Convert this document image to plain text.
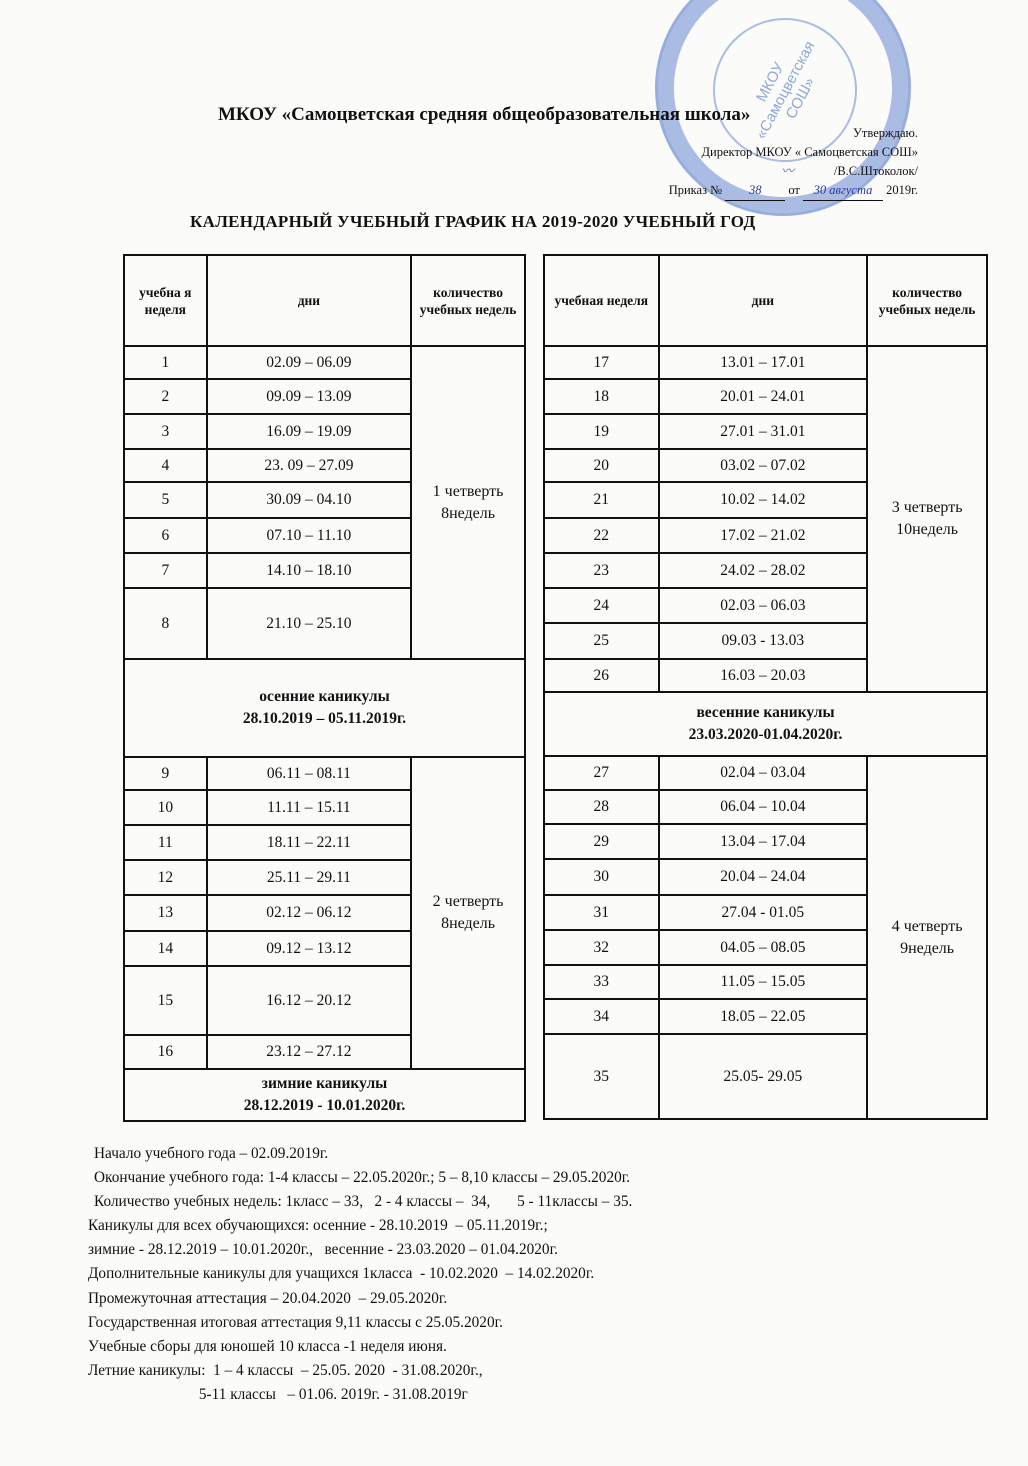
МКОУ «Самоцветская СОШ»
МКОУ «Самоцветская средняя общеобразовательная школа»
Утверждаю.
Директор МКОУ « Самоцветская СОШ»
〰	/В.С.Штоколок/
Приказ № 38 от 30 августа 2019г.
КАЛЕНДАРНЫЙ УЧЕБНЫЙ ГРАФИК НА 2019-2020 УЧЕБНЫЙ ГОД
учебна я неделя	дни	количество учебных недель
1	02.09 – 06.09	1 четверть 8недель
2	09.09 – 13.09	
3	16.09 – 19.09	
4	23. 09 – 27.09	
5	30.09 – 04.10	
6	07.10 – 11.10	
7	14.10 – 18.10	
8	21.10 – 25.10	

осенние каникулы
28.10.2019 – 05.11.2019г.		

9	06.11 – 08.11	2 четверть 8недель
10	11.11 – 15.11	
11	18.11 – 22.11	
12	25.11 – 29.11	
13	02.12 – 06.12	
14	09.12 – 13.12	
15	16.12 – 20.12	
16	23.12 – 27.12	

зимние каникулы
28.12.2019 - 10.01.2020г.		
учебная неделя	дни	количество учебных недель
17	13.01 – 17.01	3 четверть 10недель
18	20.01 – 24.01	
19	27.01 – 31.01	
20	03.02 – 07.02	
21	10.02 – 14.02	
22	17.02 – 21.02	
23	24.02 – 28.02	
24	02.03 – 06.03	
25	09.03 - 13.03	
26	16.03 – 20.03	

весенние каникулы
23.03.2020-01.04.2020г.		

27	02.04 – 03.04	4 четверть 9недель
28	06.04 – 10.04	
29	13.04 – 17.04	
30	20.04 – 24.04	
31	27.04 - 01.05	
32	04.05 – 08.05	
33	11.05 – 15.05	
34	18.05 – 22.05	
35	25.05- 29.05	
Начало учебного года – 02.09.2019г.
Окончание учебного года: 1-4 классы – 22.05.2020г.; 5 – 8,10 классы – 29.05.2020г.
Количество учебных недель: 1класс – 33,   2 - 4 классы –  34,       5 - 11классы – 35.
Каникулы для всех обучающихся: осенние - 28.10.2019  – 05.11.2019г.;
зимние - 28.12.2019 – 10.01.2020г.,   весенние - 23.03.2020 – 01.04.2020г.
Дополнительные каникулы для учащихся 1класса  - 10.02.2020  – 14.02.2020г.
Промежуточная аттестация – 20.04.2020  – 29.05.2020г.
Государственная итоговая аттестация 9,11 классы с 25.05.2020г.
Учебные сборы для юношей 10 класса -1 неделя июня.
Летние каникулы:  1 – 4 классы  – 25.05. 2020  - 31.08.2020г.,
5-11 классы   – 01.06. 2019г. - 31.08.2019г
